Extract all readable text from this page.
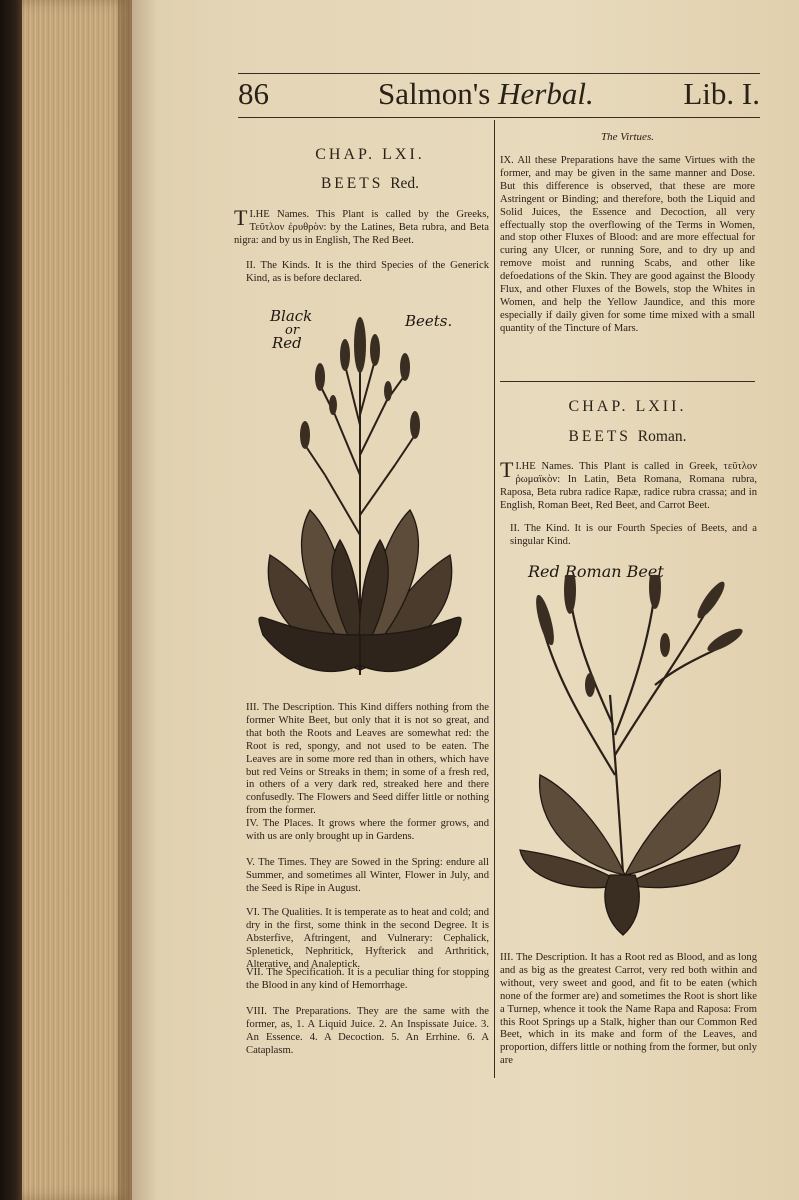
86	Salmon's Herbal.	Lib. I.
CHAP. LXI.
BEETS Red.
I.
T HE Names. This Plant is called by the Greeks, Τεῦτλον ἐρυθρὸν: by the Latines, Beta rubra, and Beta nigra: and by us in English, The Red Beet.
II. The Kinds. It is the third Species of the Generick Kind, as is before declared.
Black
or
Red
Beets.
III. The Description. This Kind differs nothing from the former White Beet, but only that it is not so great, and that both the Roots and Leaves are somewhat red: the Root is red, spongy, and not used to be eaten. The Leaves are in some more red than in others, which have but red Veins or Streaks in them; in some of a fresh red, in others of a very dark red, streaked here and there confusedly. The Flowers and Seed differ little or nothing from the former.
IV. The Places. It grows where the former grows, and with us are only brought up in Gardens.
V. The Times. They are Sowed in the Spring: endure all Summer, and sometimes all Winter, Flower in July, and the Seed is Ripe in August.
VI. The Qualities. It is temperate as to heat and cold; and dry in the first, some think in the second Degree. It is Absterfive, Aftringent, and Vulnerary: Cephalick, Splenetick, Nephritick, Hyfterick and Arthritick, Alterative, and Analeptick.
VII. The Specification. It is a peculiar thing for stopping the Blood in any kind of Hemorrhage.
VIII. The Preparations. They are the same with the former, as, 1. A Liquid Juice. 2. An Inspissate Juice. 3. An Essence. 4. A Decoction. 5. An Errhine. 6. A Cataplasm.
The Virtues.
IX. All these Preparations have the same Virtues with the former, and may be given in the same manner and Dose. But this difference is observed, that these are more Astringent or Binding; and therefore, both the Liquid and Solid Juices, the Essence and Decoction, all very effectually stop the overflowing of the Terms in Women, and stop other Fluxes of Blood: and are more effectual for curing any Ulcer, or running Sore, and to dry up and remove moist and running Scabs, and other like defoedations of the Skin. They are good against the Bloody Flux, and other Fluxes of the Bowels, stop the Whites in Women, and help the Yellow Jaundice, and this more especially if daily given for some time mixed with a small quantity of the Tincture of Mars.
CHAP. LXII.
BEETS Roman.
I.
T HE Names. This Plant is called in Greek, τεῦτλον ῥωμαϊκὸν: In Latin, Beta Romana, Romana rubra, Raposa, Beta rubra radice Rapæ, radice rubra crassa; and in English, Roman Beet, Red Beet, and Carrot Beet.
II. The Kind. It is our Fourth Species of Beets, and a singular Kind.
Red Roman Beet
III. The Description. It has a Root red as Blood, and as long and as big as the greatest Carrot, very red both within and without, very sweet and good, and fit to be eaten (which none of the former are) and sometimes the Root is short like a Turnep, whence it took the Name Rapa and Raposa: From this Root Springs up a Stalk, higher than our Common Red Beet, which in its make and form of the Leaves, and proportion, differs little or nothing from the former, but only are
